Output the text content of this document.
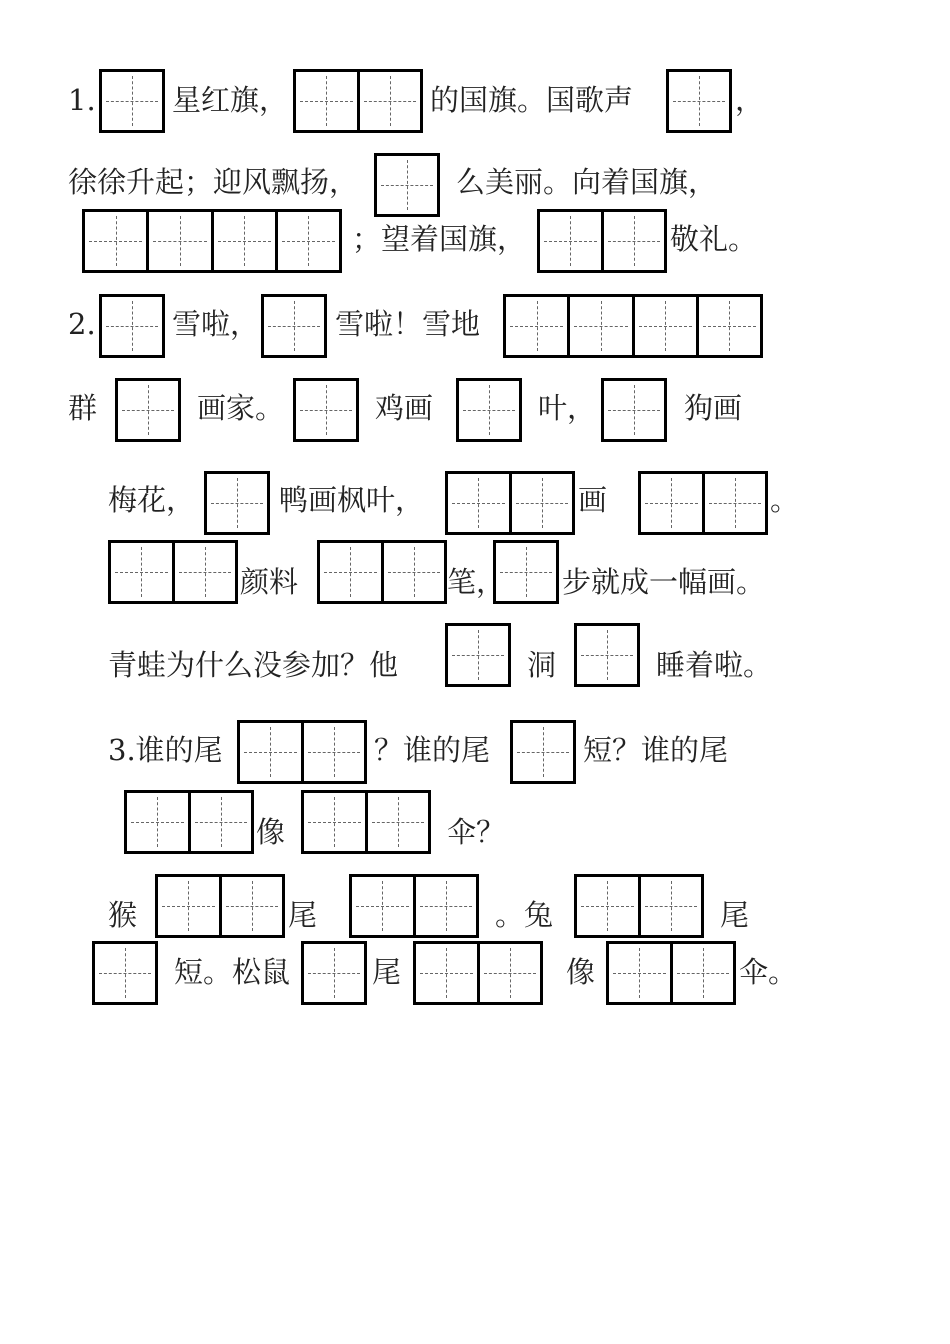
1.	星红旗，	的国旗。国歌声	，
徐徐升起；迎风飘扬，	么美丽。向着国旗，
；望着国旗，	敬礼。
2.	雪啦，	雪啦！雪地
群	画家。	鸡画	叶，	狗画
梅花，	鸭画枫叶，	画	。
颜料	笔， 步就成一幅画。
青蛙为什么没参加？他	洞	睡着啦。
3.谁的尾	？谁的尾	短？谁的尾
像	伞？
猴	尾	。兔	尾
短。松鼠	尾	像	伞。
